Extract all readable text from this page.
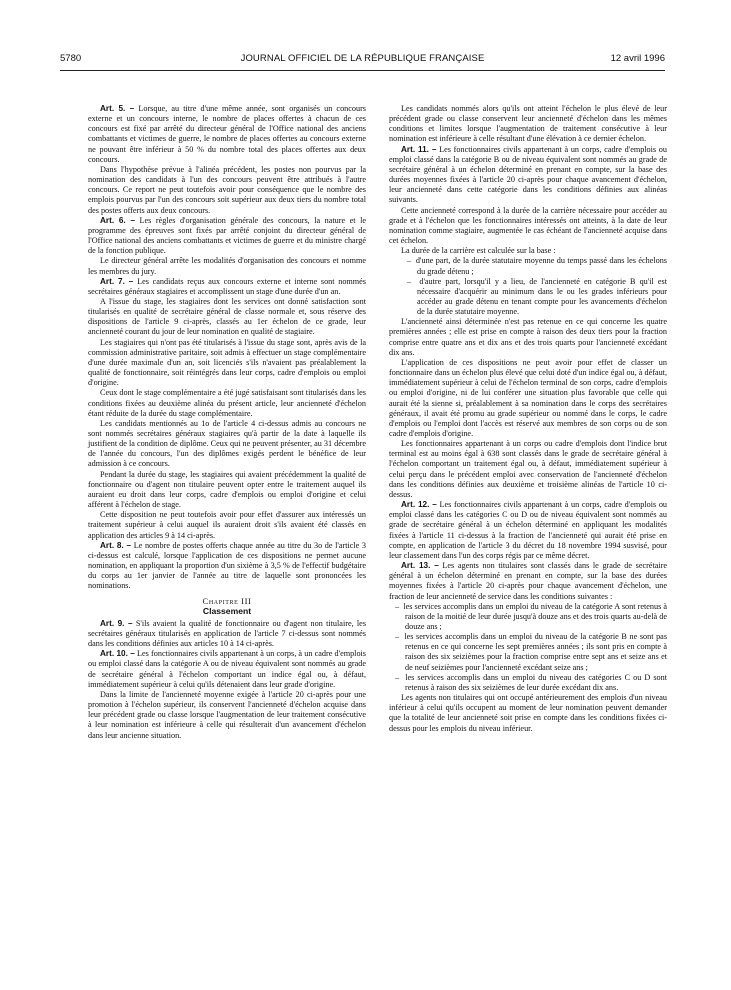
5780	JOURNAL OFFICIEL DE LA RÉPUBLIQUE FRANÇAISE	12 avril 1996

Art. 5. – Lorsque, au titre d'une même année, sont organisés un concours externe et un concours interne, le nombre de places offertes à chacun de ces concours est fixé par arrêté du directeur général de l'Office national des anciens combattants et victimes de guerre, le nombre de places offertes au concours externe ne pouvant être inférieur à 50 % du nombre total des places offertes aux deux concours.

Dans l'hypothèse prévue à l'alinéa précédent, les postes non pourvus par la nomination des candidats à l'un des concours peuvent être attribués à l'autre concours. Ce report ne peut toutefois avoir pour conséquence que le nombre des emplois pourvus par l'un des concours soit supérieur aux deux tiers du nombre total des postes offerts aux deux concours.

Art. 6. – Les règles d'organisation générale des concours, la nature et le programme des épreuves sont fixés par arrêté conjoint du directeur général de l'Office national des anciens combattants et victimes de guerre et du ministre chargé de la fonction publique.

Le directeur général arrête les modalités d'organisation des concours et nomme les membres du jury.

Art. 7. – Les candidats reçus aux concours externe et interne sont nommés secrétaires généraux stagiaires et accomplissent un stage d'une durée d'un an.

A l'issue du stage, les stagiaires dont les services ont donné satisfaction sont titularisés en qualité de secrétaire général de classe normale et, sous réserve des dispositions de l'article 9 ci-après, classés au 1er échelon de ce grade, leur ancienneté courant du jour de leur nomination en qualité de stagiaire.

Les stagiaires qui n'ont pas été titularisés à l'issue du stage sont, après avis de la commission administrative paritaire, soit admis à effectuer un stage complémentaire d'une durée maximale d'un an, soit licenciés s'ils n'avaient pas préalablement la qualité de fonctionnaire, soit réintégrés dans leur corps, cadre d'emplois ou emploi d'origine.

Ceux dont le stage complémentaire a été jugé satisfaisant sont titularisés dans les conditions fixées au deuxième alinéa du présent article, leur ancienneté d'échelon étant réduite de la durée du stage complémentaire.

Les candidats mentionnés au 1o de l'article 4 ci-dessus admis au concours ne sont nommés secrétaires généraux stagiaires qu'à partir de la date à laquelle ils justifient de la condition de diplôme. Ceux qui ne peuvent présenter, au 31 décembre de l'année du concours, l'un des diplômes exigés perdent le bénéfice de leur admission à ce concours.

Pendant la durée du stage, les stagiaires qui avaient précédemment la qualité de fonctionnaire ou d'agent non titulaire peuvent opter entre le traitement auquel ils auraient eu droit dans leur corps, cadre d'emplois ou emploi d'origine et celui afférent à l'échelon de stage.

Cette disposition ne peut toutefois avoir pour effet d'assurer aux intéressés un traitement supérieur à celui auquel ils auraient droit s'ils avaient été classés en application des articles 9 à 14 ci-après.

Art. 8. – Le nombre de postes offerts chaque année au titre du 3o de l'article 3 ci-dessus est calculé, lorsque l'application de ces dispositions ne permet aucune nomination, en appliquant la proportion d'un sixième à 3,5 % de l'effectif budgétaire du corps au 1er janvier de l'année au titre de laquelle sont prononcées les nominations.

Chapitre III
Classement

Art. 9. – S'ils avaient la qualité de fonctionnaire ou d'agent non titulaire, les secrétaires généraux titularisés en application de l'article 7 ci-dessus sont nommés dans les conditions définies aux articles 10 à 14 ci-après.

Art. 10. – Les fonctionnaires civils appartenant à un corps, à un cadre d'emplois ou emploi classé dans la catégorie A ou de niveau équivalent sont nommés au grade de secrétaire général à l'échelon comportant un indice égal ou, à défaut, immédiatement supérieur à celui qu'ils détenaient dans leur grade d'origine.

Dans la limite de l'ancienneté moyenne exigée à l'article 20 ci-après pour une promotion à l'échelon supérieur, ils conservent l'ancienneté d'échelon acquise dans leur précédent grade ou classe lorsque l'augmentation de leur traitement consécutive à leur nomination est inférieure à celle qui résulterait d'un avancement d'échelon dans leur ancienne situation.

Les candidats nommés alors qu'ils ont atteint l'échelon le plus élevé de leur précédent grade ou classe conservent leur ancienneté d'échelon dans les mêmes conditions et limites lorsque l'augmentation de traitement consécutive à leur nomination est inférieure à celle résultant d'une élévation à ce dernier échelon.

Art. 11. – Les fonctionnaires civils appartenant à un corps, cadre d'emplois ou emploi classé dans la catégorie B ou de niveau équivalent sont nommés au grade de secrétaire général à un échelon déterminé en prenant en compte, sur la base des durées moyennes fixées à l'article 20 ci-après pour chaque avancement d'échelon, leur ancienneté dans cette catégorie dans les conditions définies aux alinéas suivants.

Cette ancienneté correspond à la durée de la carrière nécessaire pour accéder au grade et à l'échelon que les fonctionnaires intéressés ont atteints, à la date de leur nomination comme stagiaire, augmentée le cas échéant de l'ancienneté acquise dans cet échelon.

La durée de la carrière est calculée sur la base :

–  d'une part, de la durée statutaire moyenne du temps passé dans les échelons du grade détenu ;
–  d'autre part, lorsqu'il y a lieu, de l'ancienneté en catégorie B qu'il est nécessaire d'acquérir au minimum dans le ou les grades inférieurs pour accéder au grade détenu en tenant compte pour les avancements d'échelon de la durée statutaire moyenne.

L'ancienneté ainsi déterminée n'est pas retenue en ce qui concerne les quatre premières années ; elle est prise en compte à raison des deux tiers pour la fraction comprise entre quatre ans et dix ans et des trois quarts pour l'ancienneté excédant dix ans.

L'application de ces dispositions ne peut avoir pour effet de classer un fonctionnaire dans un échelon plus élevé que celui doté d'un indice égal ou, à défaut, immédiatement supérieur à celui de l'échelon terminal de son corps, cadre d'emplois ou emploi d'origine, ni de lui conférer une situation plus favorable que celle qui aurait été la sienne si, préalablement à sa nomination dans le corps des secrétaires généraux, il avait été promu au grade supérieur ou nommé dans le corps, le cadre d'emplois ou l'emploi dont l'accès est réservé aux membres de son corps ou de son cadre d'emplois d'origine.

Les fonctionnaires appartenant à un corps ou cadre d'emplois dont l'indice brut terminal est au moins égal à 638 sont classés dans le grade de secrétaire général à l'échelon comportant un traitement égal ou, à défaut, immédiatement supérieur à celui perçu dans le précédent emploi avec conservation de l'ancienneté d'échelon dans les conditions définies aux deuxième et troisième alinéas de l'article 10 ci-dessus.

Art. 12. – Les fonctionnaires civils appartenant à un corps, cadre d'emplois ou emploi classé dans les catégories C ou D ou de niveau équivalent sont nommés au grade de secrétaire général à un échelon déterminé en appliquant les modalités fixées à l'article 11 ci-dessus à la fraction de l'ancienneté qui aurait été prise en compte, en application de l'article 3 du décret du 18 novembre 1994 susvisé, pour leur classement dans l'un des corps régis par ce même décret.

Art. 13. – Les agents non titulaires sont classés dans le grade de secrétaire général à un échelon déterminé en prenant en compte, sur la base des durées moyennes fixées à l'article 20 ci-après pour chaque avancement d'échelon, une fraction de leur ancienneté de service dans les conditions suivantes :

–  les services accomplis dans un emploi du niveau de la catégorie A sont retenus à raison de la moitié de leur durée jusqu'à douze ans et des trois quarts au-delà de douze ans ;
–  les services accomplis dans un emploi du niveau de la catégorie B ne sont pas retenus en ce qui concerne les sept premières années ; ils sont pris en compte à raison des six seizièmes pour la fraction comprise entre sept ans et seize ans et de neuf seizièmes pour l'ancienneté excédant seize ans ;
–  les services accomplis dans un emploi du niveau des catégories C ou D sont retenus à raison des six seizièmes de leur durée excédant dix ans.

Les agents non titulaires qui ont occupé antérieurement des emplois d'un niveau inférieur à celui qu'ils occupent au moment de leur nomination peuvent demander que la totalité de leur ancienneté soit prise en compte dans les conditions fixées ci-dessus pour les emplois du niveau inférieur.
